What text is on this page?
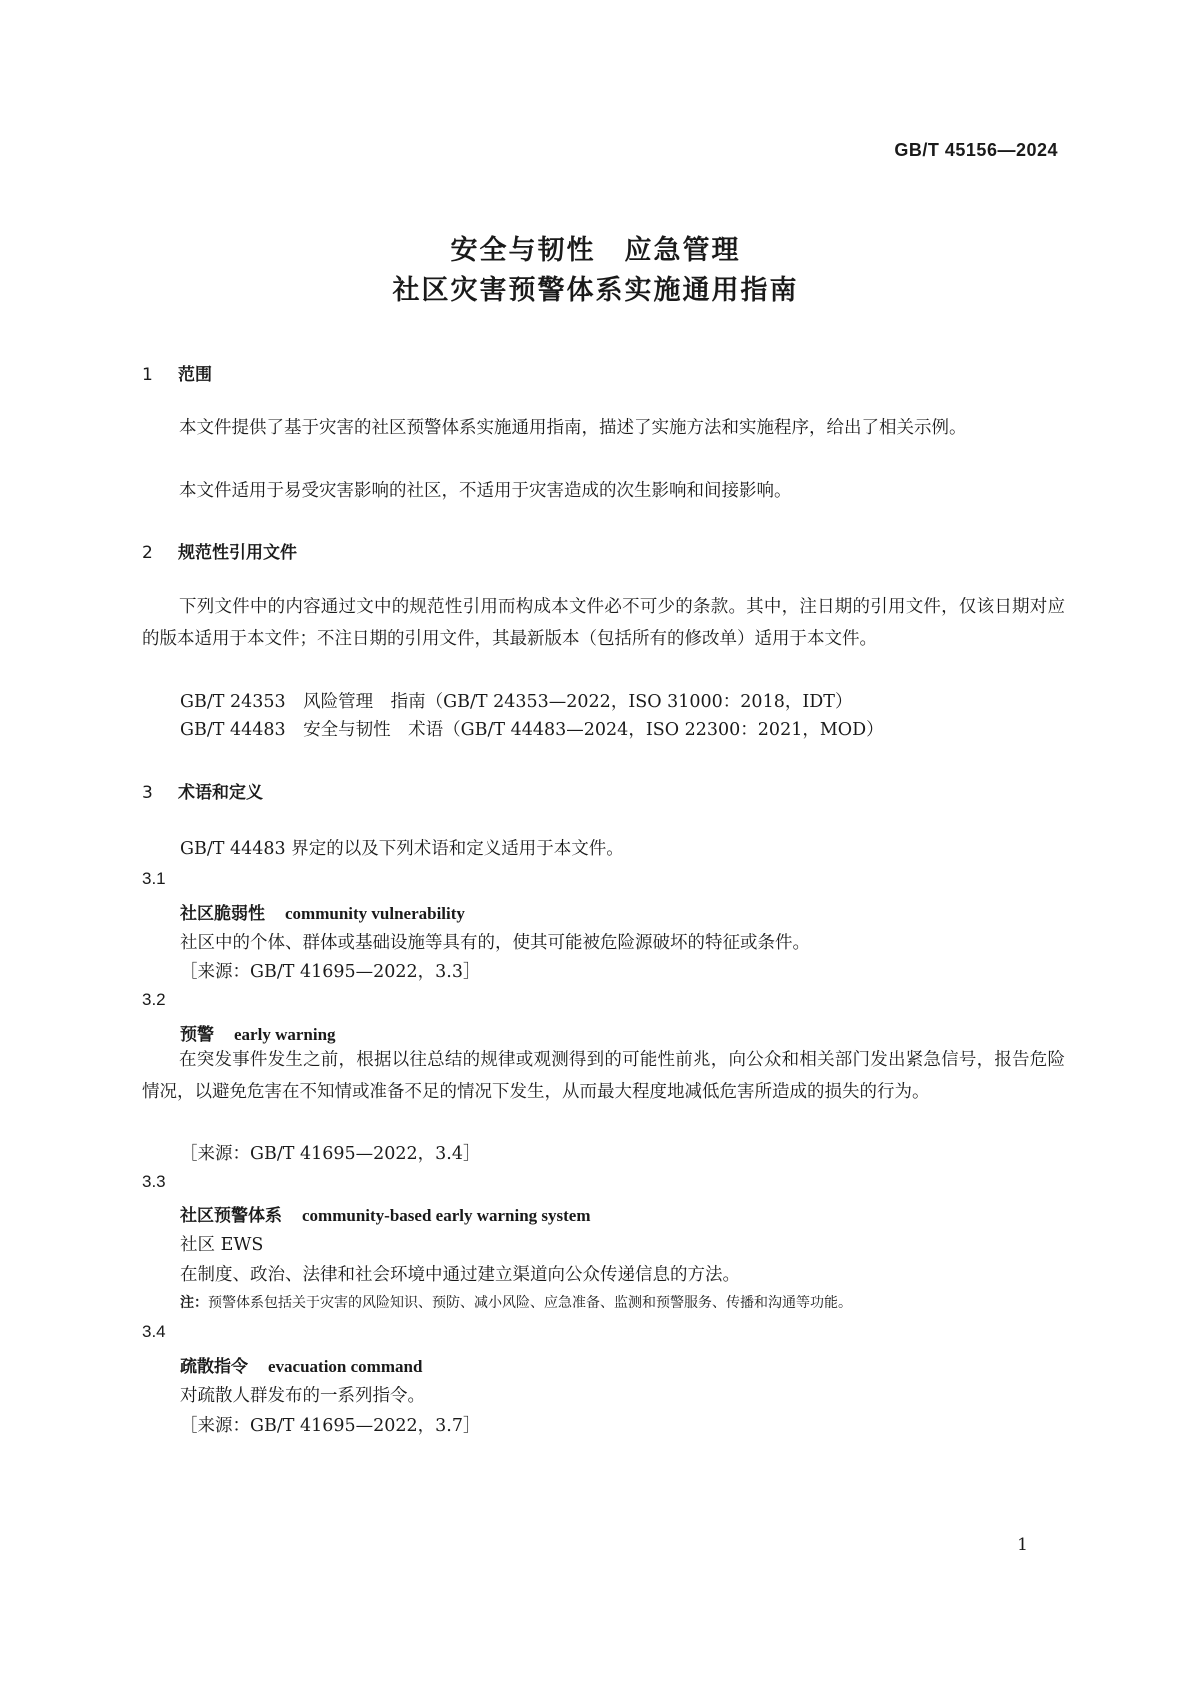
GB/T 45156—2024
安全与韧性　应急管理
社区灾害预警体系实施通用指南
1 范围
本文件提供了基于灾害的社区预警体系实施通用指南，描述了实施方法和实施程序，给出了相关示例。
本文件适用于易受灾害影响的社区，不适用于灾害造成的次生影响和间接影响。
2 规范性引用文件
下列文件中的内容通过文中的规范性引用而构成本文件必不可少的条款。其中，注日期的引用文件，仅该日期对应的版本适用于本文件；不注日期的引用文件，其最新版本（包括所有的修改单）适用于本文件。
GB/T 24353　风险管理　指南（GB/T 24353—2022，ISO 31000：2018，IDT）
GB/T 44483　安全与韧性　术语（GB/T 44483—2024，ISO 22300：2021，MOD）
3 术语和定义
GB/T 44483 界定的以及下列术语和定义适用于本文件。
3.1
社区脆弱性 community vulnerability
社区中的个体、群体或基础设施等具有的，使其可能被危险源破坏的特征或条件。
［来源：GB/T 41695—2022，3.3］
3.2
预警 early warning
在突发事件发生之前，根据以往总结的规律或观测得到的可能性前兆，向公众和相关部门发出紧急信号，报告危险情况，以避免危害在不知情或准备不足的情况下发生，从而最大程度地减低危害所造成的损失的行为。
［来源：GB/T 41695—2022，3.4］
3.3
社区预警体系 community-based early warning system
社区 EWS
在制度、政治、法律和社会环境中通过建立渠道向公众传递信息的方法。
注：预警体系包括关于灾害的风险知识、预防、减小风险、应急准备、监测和预警服务、传播和沟通等功能。
3.4
疏散指令 evacuation command
对疏散人群发布的一系列指令。
［来源：GB/T 41695—2022，3.7］
1
